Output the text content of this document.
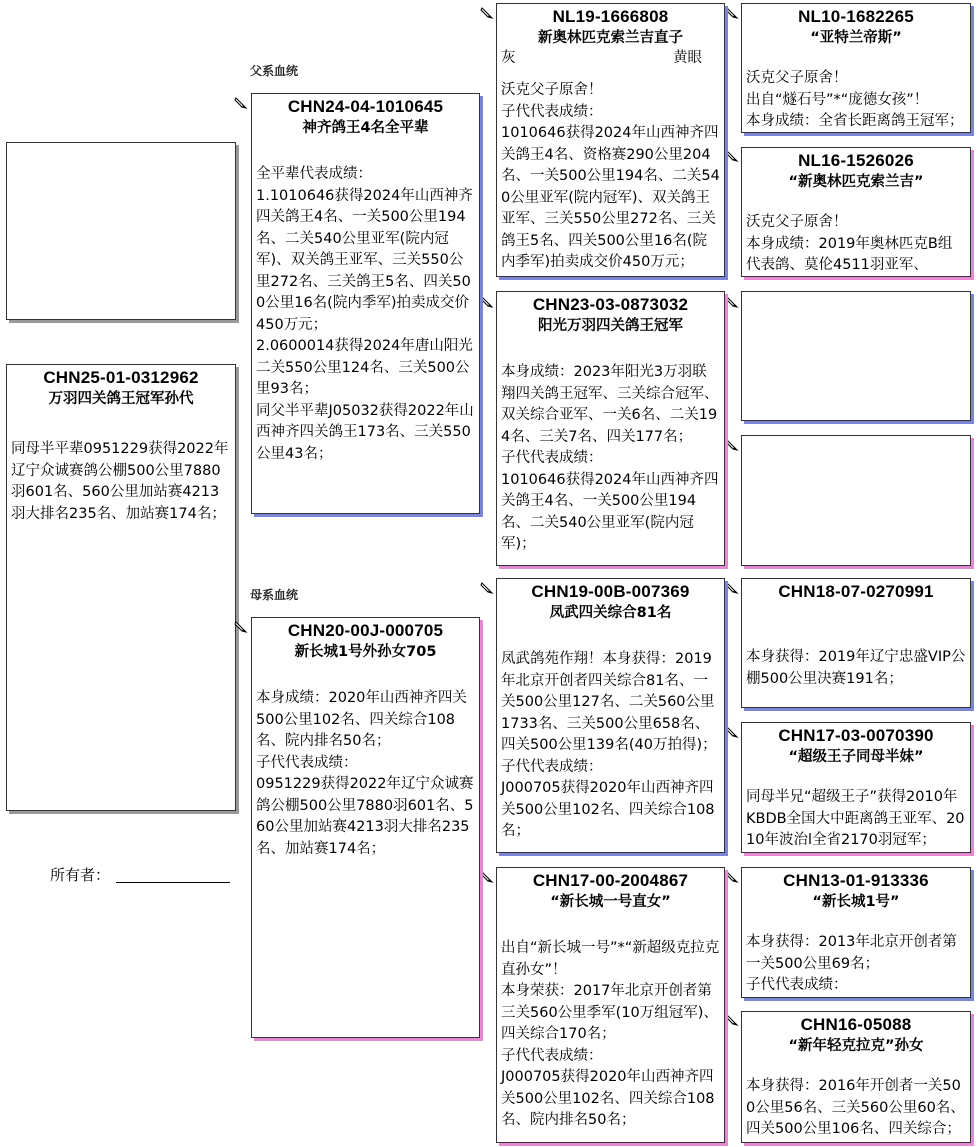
CHN25-01-0312962
万羽四关鸽王冠军孙代
同母半平辈0951229获得2022年辽宁众诚赛鸽公棚500公里7880羽601名、560公里加站赛4213羽大排名235名、加站赛174名；
所有者：
父系血统
母系血统
CHN24-04-1010645
神齐鸽王4名全平辈
全平辈代表成绩：
1.1010646获得2024年山西神齐四关鸽王4名、一关500公里194名、二关540公里亚军(院内冠军)、双关鸽王亚军、三关550公里272名、三关鸽王5名、四关500公里16名(院内季军)拍卖成交价450万元；
2.0600014获得2024年唐山阳光二关550公里124名、三关500公里93名；
同父半平辈J05032获得2022年山西神齐四关鸽王173名、三关550公里43名；
CHN20-00J-000705
新长城1号外孙女705
本身成绩：2020年山西神齐四关500公里102名、四关综合108名、院内排名50名；
子代代表成绩：
0951229获得2022年辽宁众诚赛鸽公棚500公里7880羽601名、560公里加站赛4213羽大排名235名、加站赛174名；
NL19-1666808
新奥林匹克索兰吉直子
灰	黄眼
沃克父子原舍！
子代代表成绩：
1010646获得2024年山西神齐四关鸽王4名、资格赛290公里204名、一关500公里194名、二关540公里亚军(院内冠军)、双关鸽王亚军、三关550公里272名、三关鸽王5名、四关500公里16名(院内季军)拍卖成交价450万元；
CHN23-03-0873032
阳光万羽四关鸽王冠军
本身成绩：2023年阳光3万羽联翔四关鸽王冠军、三关综合冠军、双关综合亚军、一关6名、二关194名、三关7名、四关177名；
子代代表成绩：
1010646获得2024年山西神齐四关鸽王4名、一关500公里194名、二关540公里亚军(院内冠军)；
CHN19-00B-007369
凤武四关综合81名
凤武鸽苑作翔！本身获得：2019年北京开创者四关综合81名、一关500公里127名、二关560公里1733名、三关500公里658名、四关500公里139名(40万拍得)；
子代代表成绩：
J000705获得2020年山西神齐四关500公里102名、四关综合108名；
CHN17-00-2004867
“新长城一号直女”
出自“新长城一号”*“新超级克拉克直孙女”！
本身荣获：2017年北京开创者第三关560公里季军(10万组冠军)、四关综合170名；
子代代表成绩：
J000705获得2020年山西神齐四关500公里102名、四关综合108名、院内排名50名；
NL10-1682265
“亚特兰帝斯”
沃克父子原舍！
出自“燧石号”*“庞德女孩”！
本身成绩：全省长距离鸽王冠军；
NL16-1526026
“新奥林匹克索兰吉”
沃克父子原舍！
本身成绩：2019年奥林匹克B组代表鸽、莫伦4511羽亚军、
CHN18-07-0270991
本身获得：2019年辽宁忠盛VIP公棚500公里决赛191名；
CHN17-03-0070390
“超级王子同母半妹”
同母半兄“超级王子”获得2010年KBDB全国大中距离鸽王亚军、2010年波治l全省2170羽冠军；
CHN13-01-913336
“新长城1号”
本身获得：2013年北京开创者第一关500公里69名；
子代代表成绩：
CHN16-05088
“新年轻克拉克”孙女
本身获得：2016年开创者一关500公里56名、三关560公里60名、四关500公里106名、四关综合；
